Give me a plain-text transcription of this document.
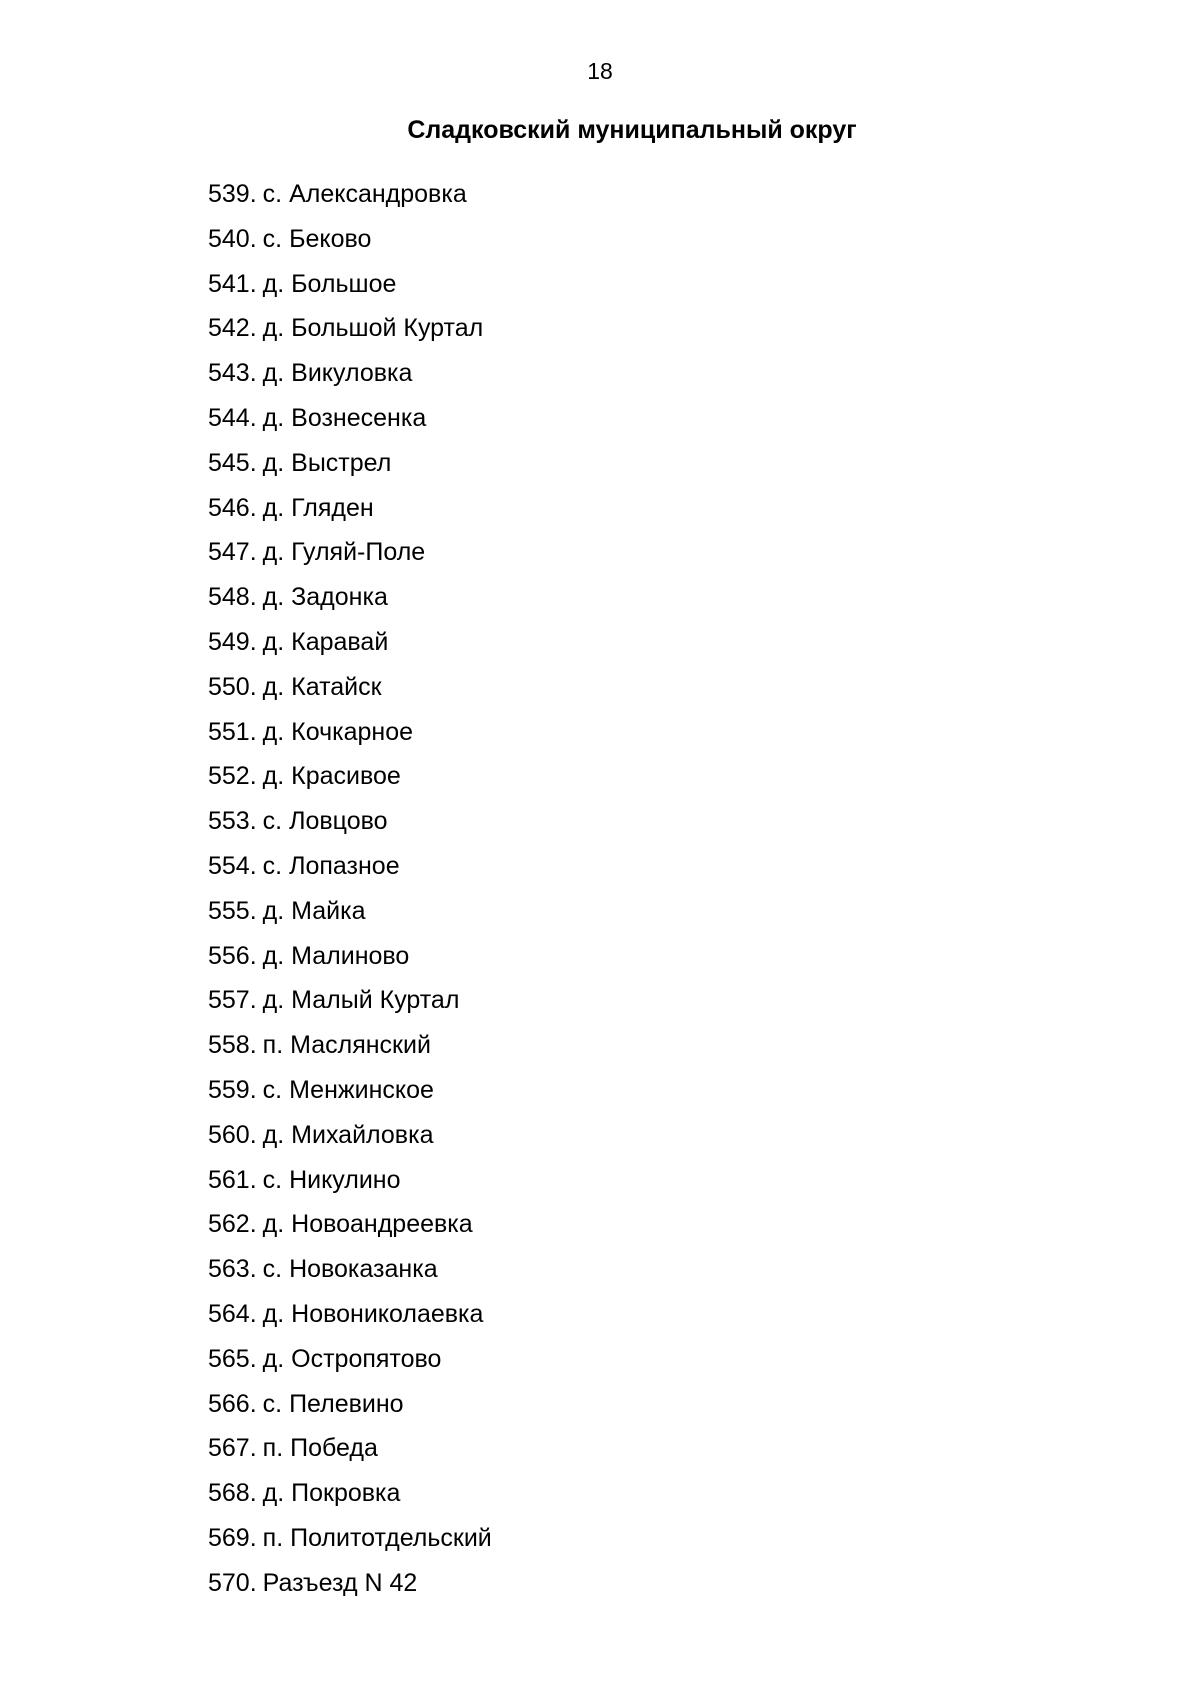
18
Сладковский муниципальный округ
539. с. Александровка
540. с. Беково
541. д. Большое
542. д. Большой Куртал
543. д. Викуловка
544. д. Вознесенка
545. д. Выстрел
546. д. Гляден
547. д. Гуляй-Поле
548. д. Задонка
549. д. Каравай
550. д. Катайск
551. д. Кочкарное
552. д. Красивое
553. с. Ловцово
554. с. Лопазное
555. д. Майка
556. д. Малиново
557. д. Малый Куртал
558. п. Маслянский
559. с. Менжинское
560. д. Михайловка
561. с. Никулино
562. д. Новоандреевка
563. с. Новоказанка
564. д. Новониколаевка
565. д. Остропятово
566. с. Пелевино
567. п. Победа
568. д. Покровка
569. п. Политотдельский
570. Разъезд N 42
